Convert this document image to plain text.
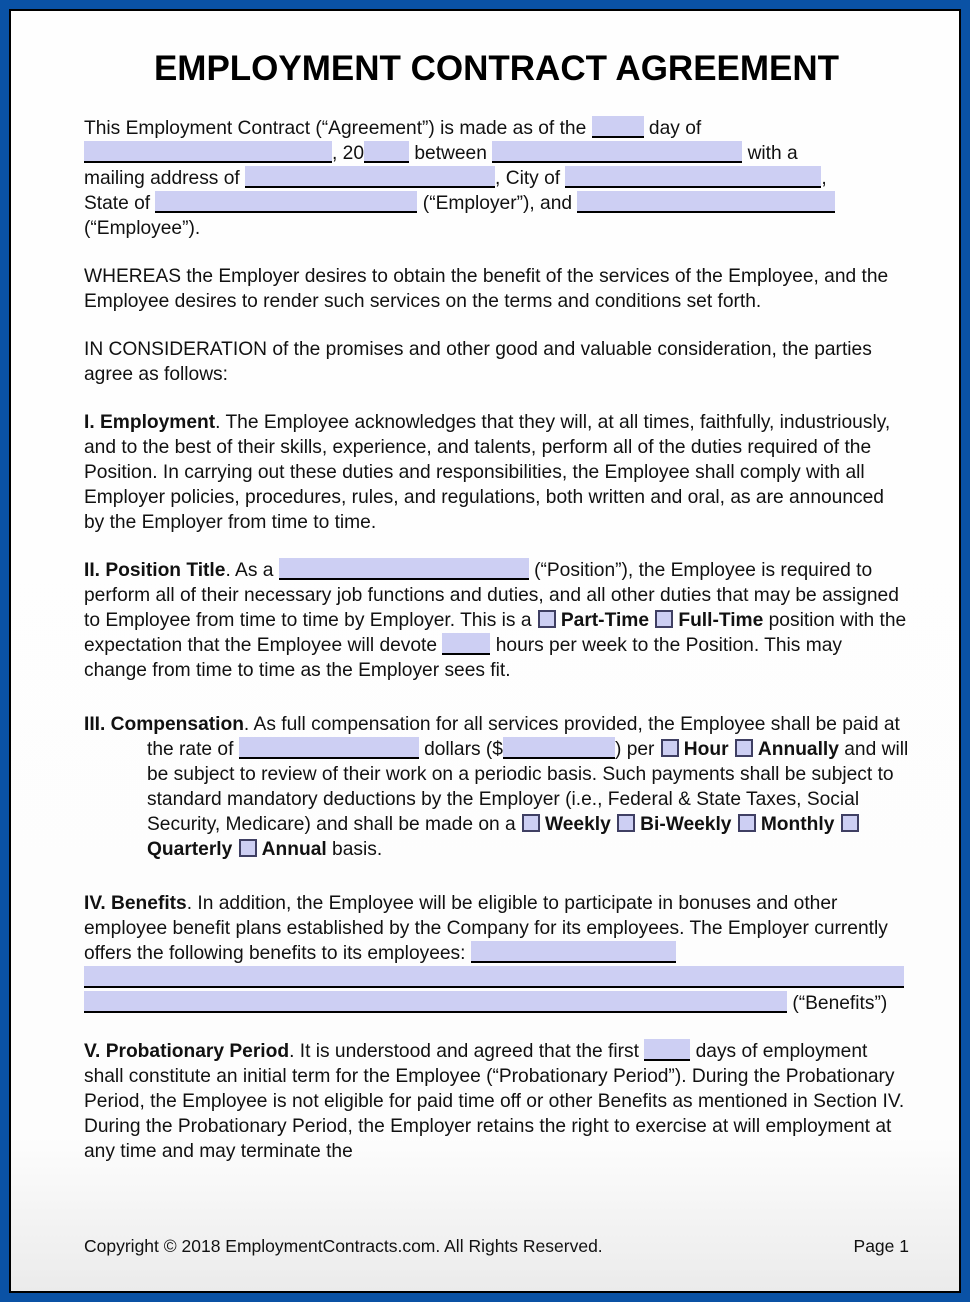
EMPLOYMENT CONTRACT AGREEMENT

This Employment Contract (“Agreement”) is made as of the	day of
, 20 between	with a
mailing address of	, City of	,
State of	(“Employer”), and
(“Employee”).

WHEREAS the Employer desires to obtain the benefit of the services of the Employee, and the Employee desires to render such services on the terms and conditions set forth.

IN CONSIDERATION of the promises and other good and valuable consideration, the parties agree as follows:

I. Employment. The Employee acknowledges that they will, at all times, faithfully, industriously, and to the best of their skills, experience, and talents, perform all of the duties required of the Position. In carrying out these duties and responsibilities, the Employee shall comply with all Employer policies, procedures, rules, and regulations, both written and oral, as are announced by the Employer from time to time.

II. Position Title. As a	(“Position”), the Employee is required to perform all of their necessary job functions and duties, and all other duties that may be assigned to Employee from time to time by Employer. This is a Part-Time Full-Time position with the expectation that the Employee will devote	hours per week to the Position. This may change from time to time as the Employer sees fit.

III. Compensation. As full compensation for all services provided, the Employee shall be paid at the rate of	dollars ($	) per Hour Annually and will be subject to review of their work on a periodic basis. Such payments shall be subject to standard mandatory deductions by the Employer (i.e., Federal & State Taxes, Social Security, Medicare) and shall be made on a Weekly Bi-Weekly Monthly Quarterly Annual basis.

IV. Benefits. In addition, the Employee will be eligible to participate in bonuses and other employee benefit plans established by the Company for its employees. The Employer currently offers the following benefits to its employees:

(“Benefits”)

V. Probationary Period. It is understood and agreed that the first  days of employment shall constitute an initial term for the Employee (“Probationary Period”). During the Probationary Period, the Employee is not eligible for paid time off or other Benefits as mentioned in Section IV. During the Probationary Period, the Employer retains the right to exercise at will employment at any time and may terminate the

Copyright © 2018 EmploymentContracts.com. All Rights Reserved.	Page 1
